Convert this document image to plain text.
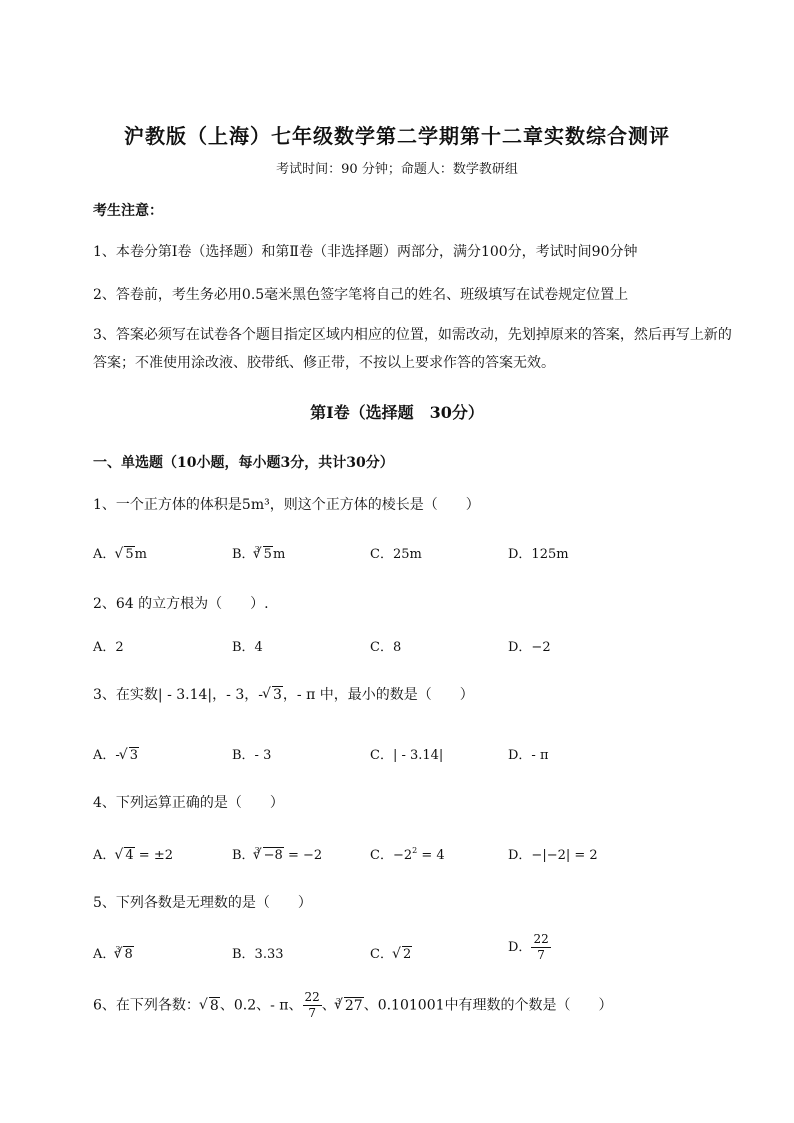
沪教版（上海）七年级数学第二学期第十二章实数综合测评
考试时间：90 分钟；命题人：数学教研组
考生注意：
1、本卷分第Ⅰ卷（选择题）和第Ⅱ卷（非选择题）两部分，满分100分，考试时间90分钟
2、答卷前，考生务必用0.5毫米黑色签字笔将自己的姓名、班级填写在试卷规定位置上
3、答案必须写在试卷各个题目指定区域内相应的位置，如需改动，先划掉原来的答案，然后再写上新的答案；不准使用涂改液、胶带纸、修正带，不按以上要求作答的答案无效。
第Ⅰ卷（选择题　30分）
一、单选题（10小题，每小题3分，共计30分）
1、一个正方体的体积是5m³，则这个正方体的棱长是（　　）
A． √ 5m	B．$^3$ √ 5m	C．25m	D．125m
2、64 的立方根为（　　）.
A．2	B．4	C．8	D．−2
3、在实数| - 3.14|，- 3，- √ 3，- π 中，最小的数是（　　）
A．- √ 3	B．- 3	C．| - 3.14|	D．- π
4、下列运算正确的是（　　）
A． √ 4 = ±2	B．$^3$ √ −8 = −2	C．$-2^2 = 4$	D．−|−2| = 2
5、下列各数是无理数的是（　　）
A．$^3$ √ 8	B．3.33	C． √ 2	D． $\frac{22}{7}$
6、在下列各数： √ 8、0.2、- π、 $\frac{22}{7}$ 、$^3$ √ 27、0.101001中有理数的个数是（　　）
